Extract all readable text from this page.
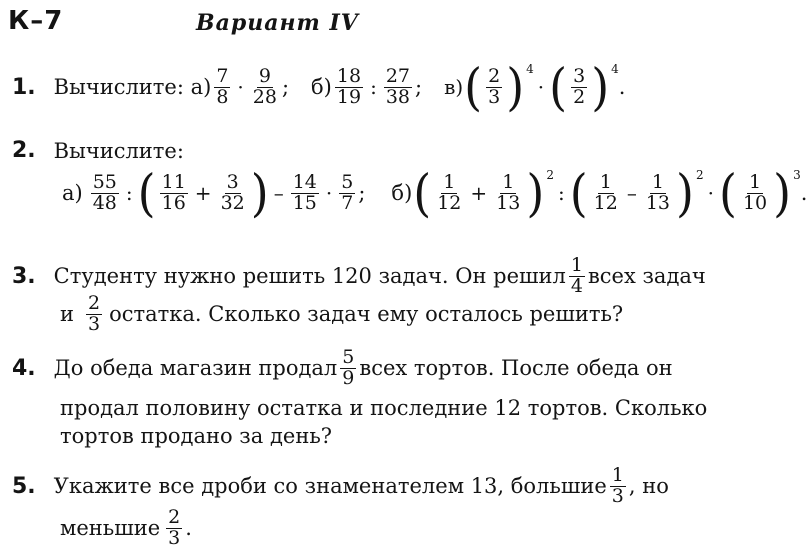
К–7	Вариант IV
1. Вычислите: $а) \frac{7}{8} \cdot \frac{9}{28}$ ; $б) \frac{18}{19}$ : $\frac{27}{38}$ ; в) ( $\frac{2}{3}$ ) 4
· ( $\frac{3}{2}$ ) 4
.
2. Вычислите:
$а) \frac{55}{48}$ : ( $\frac{11}{16} + \frac{3}{32}$ ) – $\frac{14}{15} \cdot \frac{5}{7}$ ; б) ( $\frac{1}{12} + \frac{1}{13}$ ) 2
: ( $\frac{1}{12} - \frac{1}{13}$ ) 2
· ( $\frac{1}{10}$ ) 3
.
3. Студенту нужно решить 120 задач. Он решил $\frac{1}{4}$ всех задач
и $\frac{2}{3}$ остатка. Сколько задач ему осталось решить?
4. До обеда магазин продал $\frac{5}{9}$ всех тортов. После обеда он
продал половину остатка и последние 12 тортов. Сколько
тортов продано за день?
5. Укажите все дроби со знаменателем 13, большие $\frac{1}{3}$ , но
меньшие $\frac{2}{3}$ .
